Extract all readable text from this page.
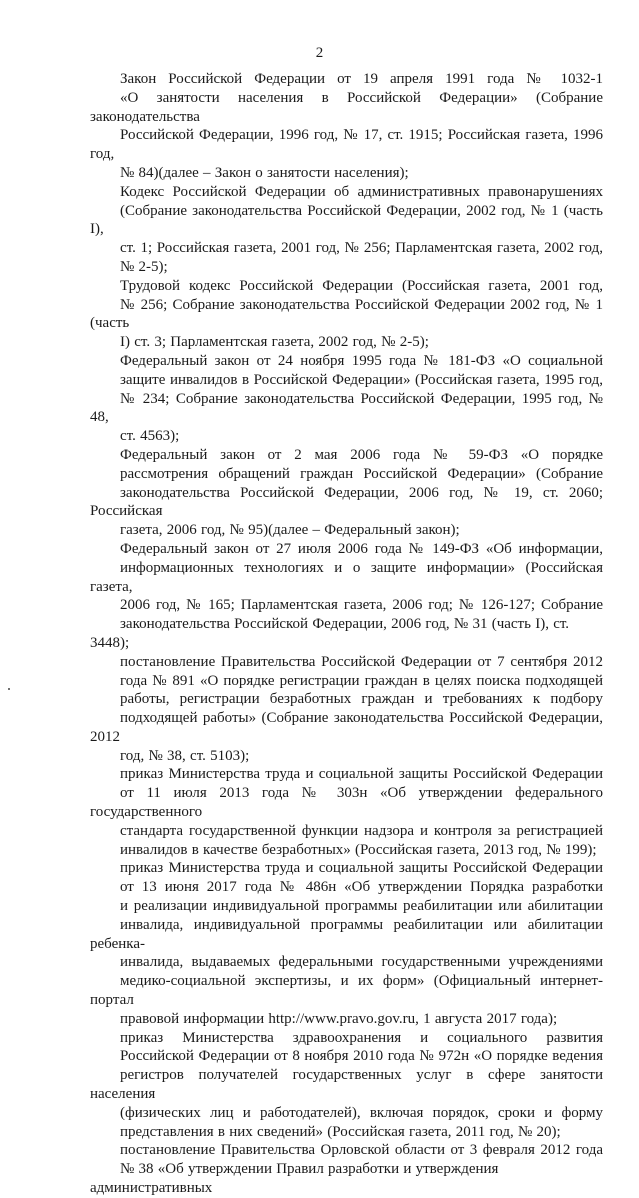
2

Закон Российской Федерации от 19 апреля 1991 года № 1032-1
«О занятости населения в Российской Федерации» (Собрание законодательства
Российской Федерации, 1996 год, № 17, ст. 1915; Российская газета, 1996 год,
№ 84)(далее – Закон о занятости населения);

Кодекс Российской Федерации об административных правонарушениях
(Собрание законодательства Российской Федерации, 2002 год, № 1 (часть I),
ст. 1; Российская газета, 2001 год, № 256; Парламентская газета, 2002 год,
№ 2-5);

Трудовой кодекс Российской Федерации (Российская газета, 2001 год,
№ 256; Собрание законодательства Российской Федерации 2002 год, № 1 (часть
I) ст. 3; Парламентская газета, 2002 год, № 2-5);

Федеральный закон от 24 ноября 1995 года № 181-ФЗ «О социальной
защите инвалидов в Российской Федерации» (Российская газета, 1995 год,
№ 234; Собрание законодательства Российской Федерации, 1995 год, № 48,
ст. 4563);

Федеральный закон от 2 мая 2006 года № 59-ФЗ «О порядке
рассмотрения обращений граждан Российской Федерации» (Собрание
законодательства Российской Федерации, 2006 год, № 19, ст. 2060; Российская
газета, 2006 год, № 95)(далее – Федеральный закон);

Федеральный закон от 27 июля 2006 года № 149-ФЗ «Об информации,
информационных технологиях и о защите информации» (Российская газета,
2006 год, № 165; Парламентская газета, 2006 год; № 126-127; Собрание
законодательства Российской Федерации, 2006 год, № 31 (часть I), ст. 3448);

постановление Правительства Российской Федерации от 7 сентября 2012
года № 891 «О порядке регистрации граждан в целях поиска подходящей
работы, регистрации безработных граждан и требованиях к подбору
подходящей работы» (Собрание законодательства Российской Федерации, 2012
год, № 38, ст. 5103);

приказ Министерства труда и социальной защиты Российской Федерации
от 11 июля 2013 года № 303н «Об утверждении федерального государственного
стандарта государственной функции надзора и контроля за регистрацией
инвалидов в качестве безработных» (Российская газета, 2013 год, № 199);

приказ Министерства труда и социальной защиты Российской Федерации
от 13 июня 2017 года № 486н «Об утверждении Порядка разработки
и реализации индивидуальной программы реабилитации или абилитации
инвалида, индивидуальной программы реабилитации или абилитации ребенка-
инвалида, выдаваемых федеральными государственными учреждениями
медико-социальной экспертизы, и их форм» (Официальный интернет-портал
правовой информации http://www.pravo.gov.ru, 1 августа 2017 года);

приказ Министерства здравоохранения и социального развития
Российской Федерации от 8 ноября 2010 года № 972н «О порядке ведения
регистров получателей государственных услуг в сфере занятости населения
(физических лиц и работодателей), включая порядок, сроки и форму
представления в них сведений» (Российская газета, 2011 год, № 20);

постановление Правительства Орловской области от 3 февраля 2012 года
№ 38 «Об утверждении Правил разработки и утверждения административных
